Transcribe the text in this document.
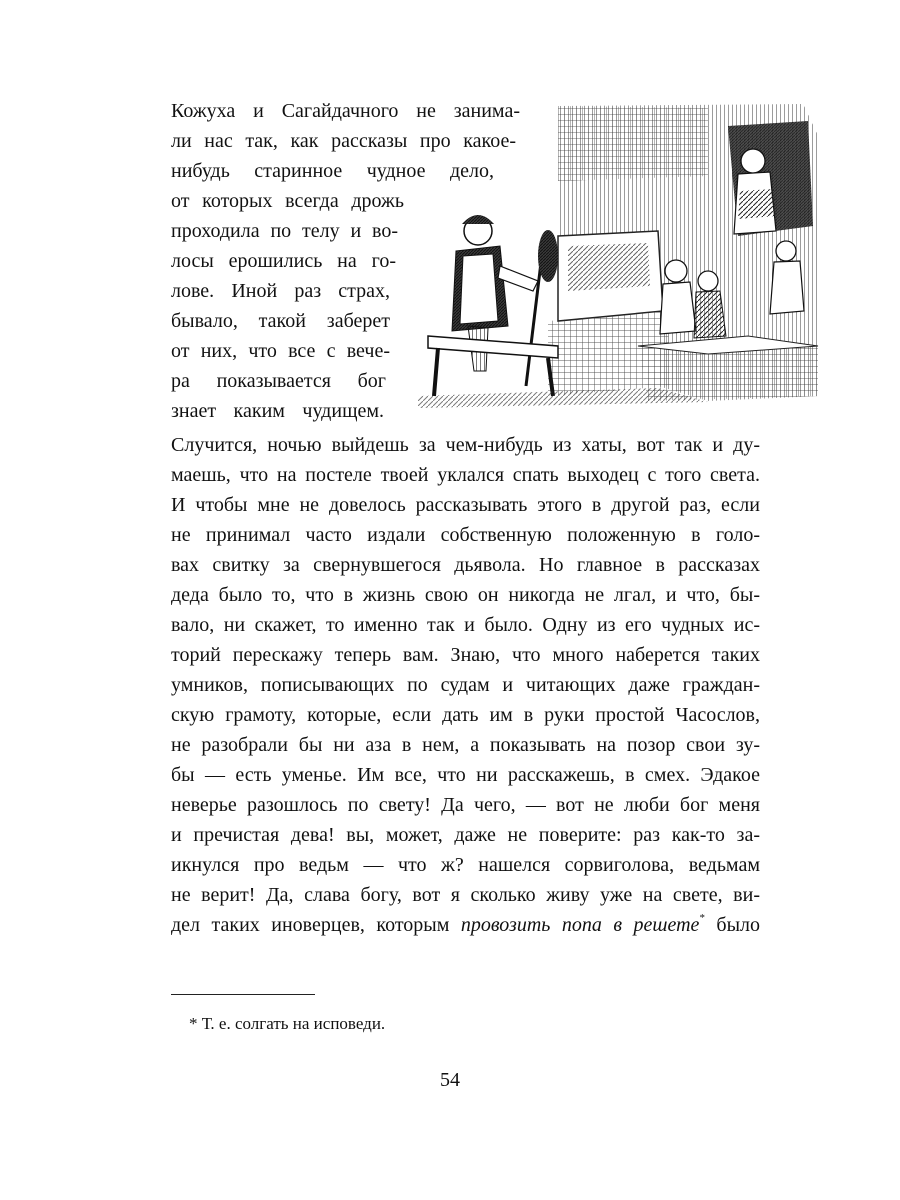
Кожуха и Сагайдачного не занима-
ли нас так, как рассказы про какое-
нибудь старинное чудное дело,
от которых всегда дрожь
проходила по телу и во-
лосы ерошились на го-
лове. Иной раз страх,
бывало, такой заберет
от них, что все с вече-
ра показывается бог
знает каким чудищем.
Случится, ночью выйдешь за чем-нибудь из хаты, вот так и ду-
маешь, что на постеле твоей уклался спать выходец с того света.
И чтобы мне не довелось рассказывать этого в другой раз, если
не принимал часто издали собственную положенную в голо-
вах свитку за свернувшегося дьявола. Но главное в рассказах
деда было то, что в жизнь свою он никогда не лгал, и что, бы-
вало, ни скажет, то именно так и было. Одну из его чудных ис-
торий перескажу теперь вам. Знаю, что много наберется таких
умников, пописывающих по судам и читающих даже граждан-
скую грамоту, которые, если дать им в руки простой Часослов,
не разобрали бы ни аза в нем, а показывать на позор свои зу-
бы — есть уменье. Им все, что ни расскажешь, в смех. Эдакое
неверье разошлось по свету! Да чего, — вот не люби бог меня
и пречистая дева! вы, может, даже не поверите: раз как-то за-
икнулся про ведьм — что ж? нашелся сорвиголова, ведьмам
не верит! Да, слава богу, вот я сколько живу уже на свете, ви-
дел таких иноверцев, которым провозить попа в решете* было
* Т. е. солгать на исповеди.
54
